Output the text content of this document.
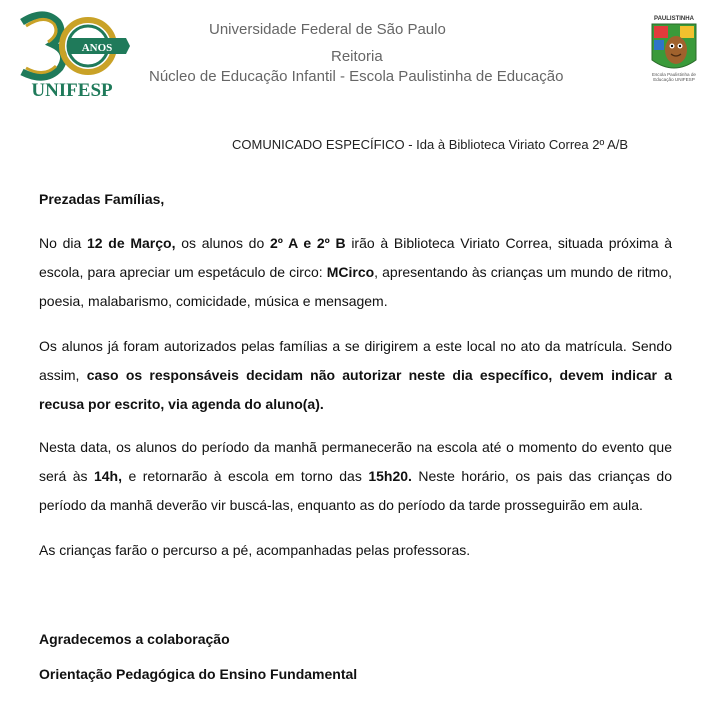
ANOS
UNIFESP
Universidade Federal de São Paulo
Reitoria
Núcleo de Educação Infantil - Escola Paulistinha de Educação
PAULISTINHA
Escola Paulistinha de Educação UNIFESP
COMUNICADO ESPECÍFICO - Ida à Biblioteca Viriato Correa 2º A/B
Prezadas Famílias,
No dia 12 de Março, os alunos do 2º A e 2º B irão à Biblioteca Viriato Correa, situada próxima à escola, para apreciar um espetáculo de circo: MCirco, apresentando às crianças um mundo de ritmo, poesia, malabarismo, comicidade, música e mensagem.
Os alunos já foram autorizados pelas famílias a se dirigirem a este local no ato da matrícula. Sendo assim, caso os responsáveis decidam não autorizar neste dia específico, devem indicar a recusa por escrito, via agenda do aluno(a).
Nesta data, os alunos do período da manhã permanecerão na escola até o momento do evento que será às 14h, e retornarão à escola em torno das 15h20. Neste horário, os pais das crianças do período da manhã deverão vir buscá-las, enquanto as do período da tarde prosseguirão em aula.
As crianças farão o percurso a pé, acompanhadas pelas professoras.
Agradecemos a colaboração
Orientação Pedagógica do Ensino Fundamental
